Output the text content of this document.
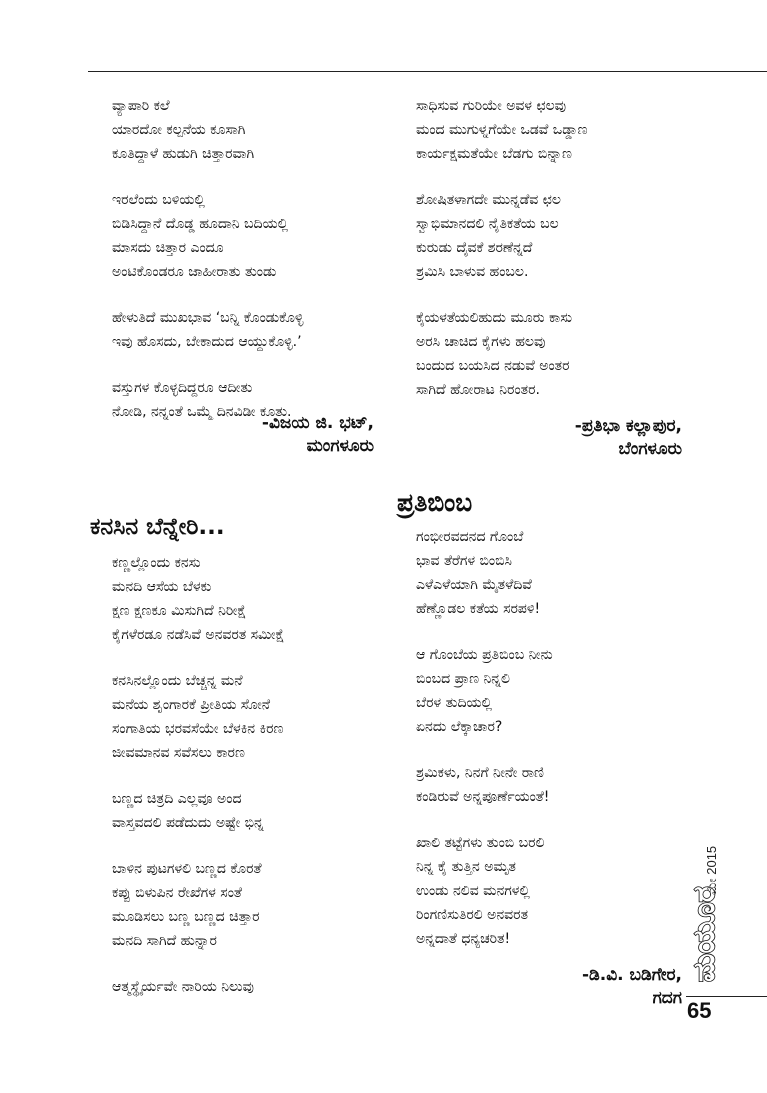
ವ್ಯಾಪಾರಿ ಕಲೆ
ಯಾರದೋ ಕಲ್ಪನೆಯ ಕೂಸಾಗಿ
ಕೂತಿದ್ದಾಳೆ ಹುಡುಗಿ ಚಿತ್ತಾರವಾಗಿ
ಇರಲೆಂದು ಬಳಿಯಲ್ಲಿ
ಬಿಡಿಸಿದ್ದಾನೆ ದೊಡ್ಡ ಹೂದಾನಿ ಬದಿಯಲ್ಲಿ
ಮಾಸದು ಚಿತ್ತಾರ ಎಂದೂ
ಅಂಟಿಕೊಂಡರೂ ಜಾಹೀರಾತು ತುಂಡು
ಹೇಳುತಿದೆ ಮುಖಭಾವ ‘ಬನ್ನಿ ಕೊಂಡುಕೊಳ್ಳಿ
ಇವು ಹೊಸದು, ಬೇಕಾದುದ ಆಯ್ದುಕೊಳ್ಳಿ.’
ವಸ್ತುಗಳ ಕೊಳ್ಳದಿದ್ದರೂ ಆದೀತು
ನೋಡಿ, ನನ್ನಂತೆ ಒಮ್ಮೆ ದಿನವಿಡೀ ಕೂತು.
-ವಿಜಯ ಜಿ. ಭಟ್,
ಮಂಗಳೂರು
ಕನಸಿನ ಬೆನ್ನೇರಿ...
ಕಣ್ಣಲ್ಲೊಂದು ಕನಸು
ಮನದಿ ಆಸೆಯ ಬೆಳಕು
ಕ್ಷಣ ಕ್ಷಣಕೂ ಮಿಸುಗಿದೆ ನಿರೀಕ್ಷೆ
ಕೈಗಳೆರಡೂ ನಡೆಸಿವೆ ಅನವರತ ಸಮೀಕ್ಷೆ
ಕನಸಿನಲ್ಲೊಂದು ಬೆಚ್ಚನ್ನ ಮನೆ
ಮನೆಯ ಶೃಂಗಾರಕೆ ಪ್ರೀತಿಯ ಸೋನೆ
ಸಂಗಾತಿಯ ಭರವಸೆಯೇ ಬೆಳಕಿನ ಕಿರಣ
ಜೀವಮಾನವ ಸವೆಸಲು ಕಾರಣ
ಬಣ್ಣದ ಚಿತ್ರದಿ ಎಲ್ಲವೂ ಅಂದ
ವಾಸ್ತವದಲಿ ಪಡೆದುದು ಅಷ್ಟೇ ಭಿನ್ನ
ಬಾಳಿನ ಪುಟಗಳಲಿ ಬಣ್ಣದ ಕೊರತೆ
ಕಪ್ಪು ಬಿಳುಪಿನ ರೇಖೆಗಳ ಸಂತೆ
ಮೂಡಿಸಲು ಬಣ್ಣ ಬಣ್ಣದ ಚಿತ್ತಾರ
ಮನದಿ ಸಾಗಿದೆ ಹುನ್ನಾರ
ಆತ್ಮಸ್ಥೈರ್ಯವೇ ನಾರಿಯ ನಿಲುವು
ಸಾಧಿಸುವ ಗುರಿಯೇ ಅವಳ ಛಲವು
ಮಂದ ಮುಗುಳ್ನಗೆಯೇ ಒಡವೆ ಒಡ್ಡಾಣ
ಕಾರ್ಯಕ್ಷಮತೆಯೇ ಬೆಡಗು ಬಿನ್ನಾಣ
ಶೋಷಿತಳಾಗದೇ ಮುನ್ನಡೆವ ಛಲ
ಸ್ವಾಭಿಮಾನದಲಿ ನೈತಿಕತೆಯ ಬಲ
ಕುರುಡು ದೈವಕೆ ಶರಣೆನ್ನದೆ
ಶ್ರಮಿಸಿ ಬಾಳುವ ಹಂಬಲ.
ಕೈಯಳತೆಯಲಿಹುದು ಮೂರು ಕಾಸು
ಅರಸಿ ಚಾಚಿದ ಕೈಗಳು ಹಲವು
ಬಂದುದ ಬಯಸಿದ ನಡುವೆ ಅಂತರ
ಸಾಗಿದೆ ಹೋರಾಟ ನಿರಂತರ.
-ಪ್ರತಿಭಾ ಕಲ್ಲಾಪುರ,
ಬೆಂಗಳೂರು
ಪ್ರತಿಬಿಂಬ
ಗಂಭೀರವದನದ ಗೊಂಬೆ
ಭಾವ ತೆರೆಗಳ ಬಿಂಬಿಸಿ
ಎಳೆಎಳೆಯಾಗಿ ಮೈತಳೆದಿವೆ
ಹೆಣ್ಣೊಡಲ ಕತೆಯ ಸರಪಳಿ!
ಆ ಗೊಂಬೆಯ ಪ್ರತಿಬಿಂಬ ನೀನು
ಬಿಂಬದ ಪ್ರಾಣ ನಿನ್ನಲಿ
ಬೆರಳ ತುದಿಯಲ್ಲಿ
ಏನದು ಲೆಕ್ಕಾಚಾರ?
ಶ್ರಮಿಕಳು, ನಿನಗೆ ನೀನೇ ರಾಣಿ
ಕಂಡಿರುವೆ ಅನ್ನಪೂರ್ಣೆಯಂತೆ!
ಖಾಲಿ ತಟ್ಟೆಗಳು ತುಂಬಿ ಬರಲಿ
ನಿನ್ನ ಕೈ ತುತ್ತಿನ ಅಮೃತ
ಉಂಡು ನಲಿವ ಮನಗಳಲ್ಲಿ
ರಿಂಗಣಿಸುತಿರಲಿ ಅನವರತ
ಅನ್ನದಾತೆ ಧನ್ಯಚರಿತ!
-ಡಿ.ವಿ. ಬಡಿಗೇರ,
ಗದಗ
ಮಯೂರ
ಮೇ 2015
65
